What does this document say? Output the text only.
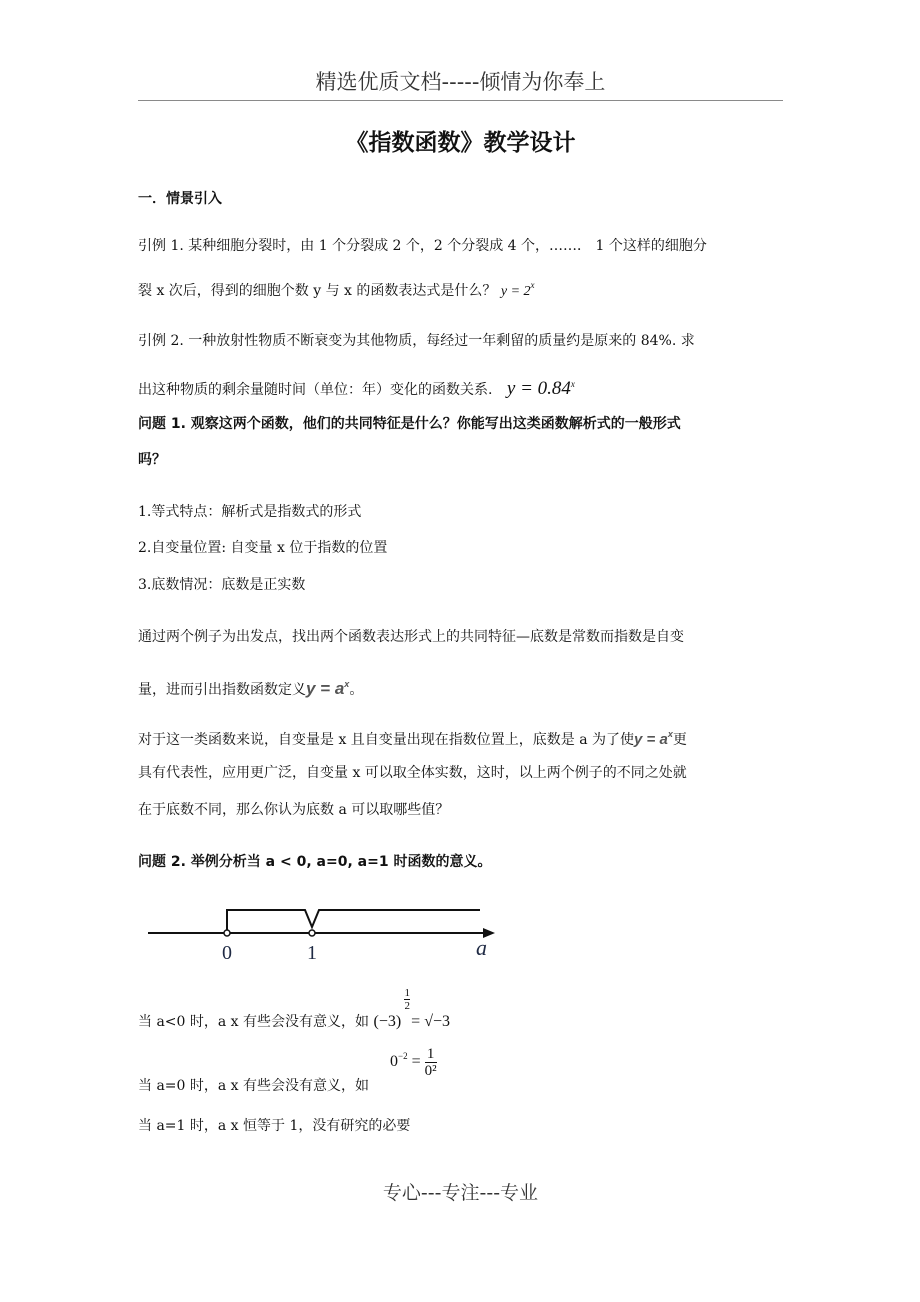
精选优质文档-----倾情为你奉上
《指数函数》教学设计
一．情景引入
引例 1. 某种细胞分裂时，由 1 个分裂成 2 个，2 个分裂成 4 个，……． 1 个这样的细胞分
裂 x 次后，得到的细胞个数 y 与 x 的函数表达式是什么？ $y = 2^x$
引例 2. 一种放射性物质不断衰变为其他物质，每经过一年剩留的质量约是原来的 84%. 求
出这种物质的剩余量随时间（单位：年）变化的函数关系. $y = 0.84^x$
问题 1. 观察这两个函数，他们的共同特征是什么？你能写出这类函数解析式的一般形式
吗？
1.等式特点：解析式是指数式的形式
2.自变量位置: 自变量 x 位于指数的位置
3.底数情况：底数是正实数
通过两个例子为出发点，找出两个函数表达形式上的共同特征—底数是常数而指数是自变
量，进而引出指数函数定义$y = a^x$。
对于这一类函数来说，自变量是 x 且自变量出现在指数位置上，底数是 a 为了使$y = a^x$更
具有代表性，应用更广泛，自变量 x 可以取全体实数，这时，以上两个例子的不同之处就
在于底数不同，那么你认为底数 a 可以取哪些值？
问题 2. 举例分析当 a < 0, a=0, a=1 时函数的意义。
0	1	a
当 a<0 时，a x 有些会没有意义，如 (−3)
$\frac{1}{2}$
= √−3
当 a=0 时，a x 有些会没有意义，如
$0^{-2} = \frac{1}{\text{0²}}$
当 a=1 时，a x 恒等于 1，没有研究的必要
专心---专注---专业
